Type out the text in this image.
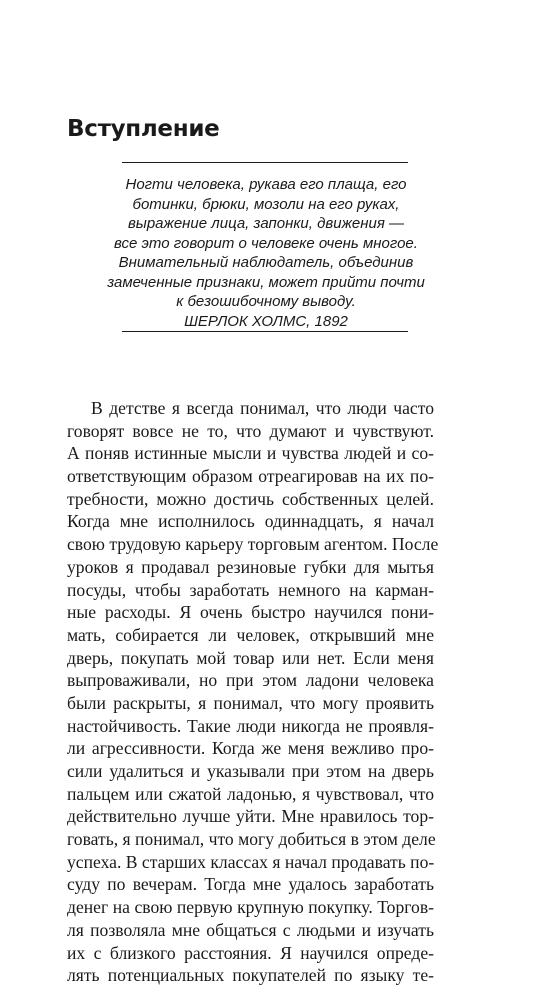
Вступление
Ногти человека, рукава его плаща, его
ботинки, брюки, мозоли на его руках,
выражение лица, запонки, движения —
все это говорит о человеке очень многое.
Внимательный наблюдатель, объединив
замеченные признаки, может прийти почти
к безошибочному выводу.
ШЕРЛОК ХОЛМС, 1892
В детстве я всегда понимал, что люди часто
говорят вовсе не то, что думают и чувствуют.
А поняв истинные мысли и чувства людей и со-
ответствующим образом отреагировав на их по-
требности, можно достичь собственных целей.
Когда мне исполнилось одиннадцать, я начал
свою трудовую карьеру торговым агентом. После
уроков я продавал резиновые губки для мытья
посуды, чтобы заработать немного на карман-
ные расходы. Я очень быстро научился пони-
мать, собирается ли человек, открывший мне
дверь, покупать мой товар или нет. Если меня
выпроваживали, но при этом ладони человека
были раскрыты, я понимал, что могу проявить
настойчивость. Такие люди никогда не проявля-
ли агрессивности. Когда же меня вежливо про-
сили удалиться и указывали при этом на дверь
пальцем или сжатой ладонью, я чувствовал, что
действительно лучше уйти. Мне нравилось тор-
говать, я понимал, что могу добиться в этом деле
успеха. В старших классах я начал продавать по-
суду по вечерам. Тогда мне удалось заработать
денег на свою первую крупную покупку. Торгов-
ля позволяла мне общаться с людьми и изучать
их с близкого расстояния. Я научился опреде-
лять потенциальных покупателей по языку те-
